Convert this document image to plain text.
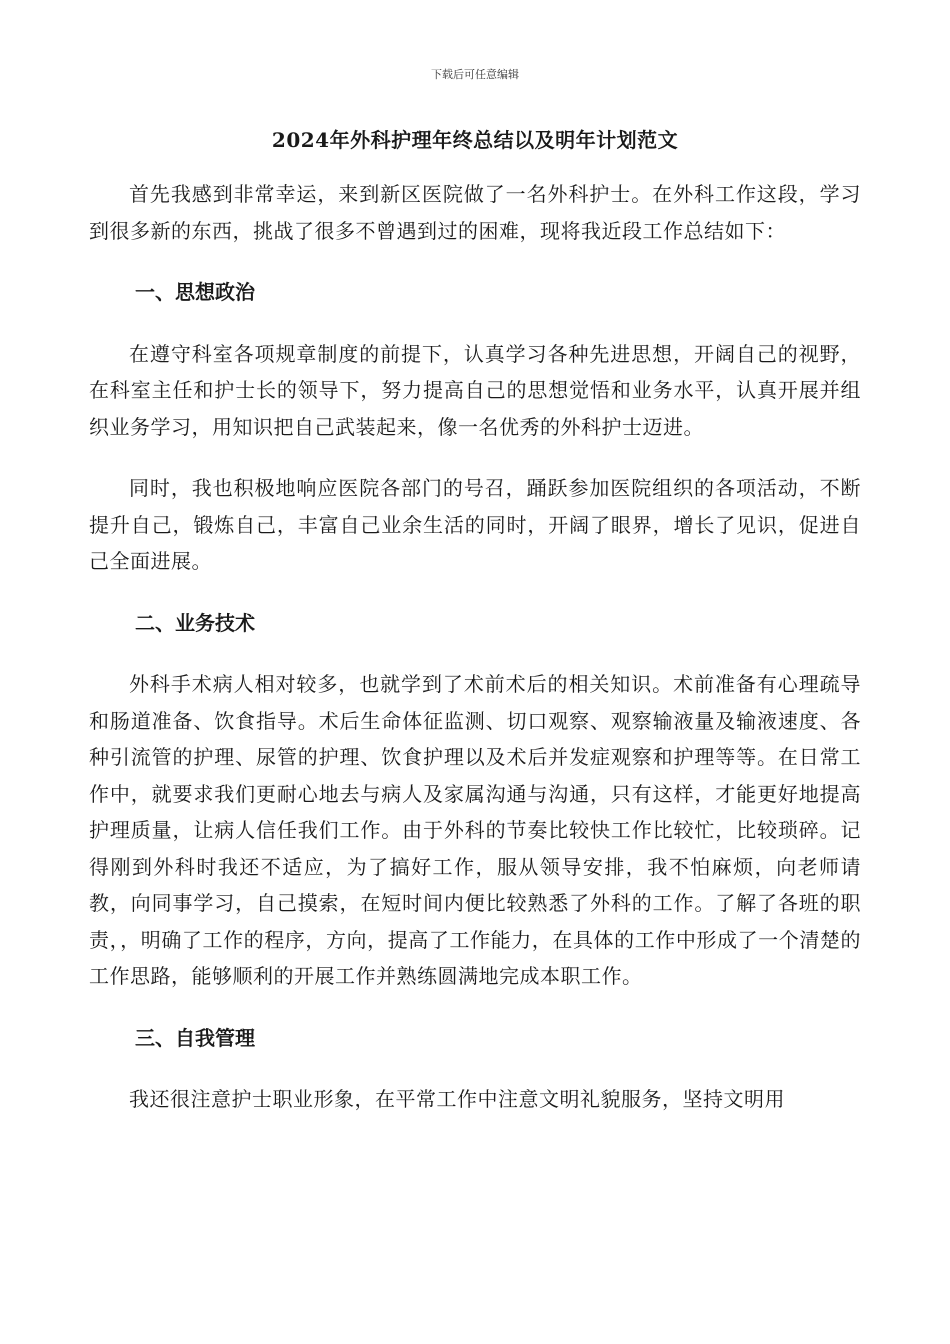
下载后可任意编辑
2024年外科护理年终总结以及明年计划范文

首先我感到非常幸运，来到新区医院做了一名外科护士。在外科工作这段，学习到很多新的东西，挑战了很多不曾遇到过的困难，现将我近段工作总结如下：

一、思想政治

在遵守科室各项规章制度的前提下，认真学习各种先进思想，开阔自己的视野，在科室主任和护士长的领导下，努力提高自己的思想觉悟和业务水平，认真开展并组织业务学习，用知识把自己武装起来，像一名优秀的外科护士迈进。

同时，我也积极地响应医院各部门的号召，踊跃参加医院组织的各项活动，不断提升自己，锻炼自己，丰富自己业余生活的同时，开阔了眼界，增长了见识，促进自己全面进展。

二、业务技术

外科手术病人相对较多，也就学到了术前术后的相关知识。术前准备有心理疏导和肠道准备、饮食指导。术后生命体征监测、切口观察、观察输液量及输液速度、各种引流管的护理、尿管的护理、饮食护理以及术后并发症观察和护理等等。在日常工作中，就要求我们更耐心地去与病人及家属沟通与沟通，只有这样，才能更好地提高护理质量，让病人信任我们工作。由于外科的节奏比较快工作比较忙，比较琐碎。记得刚到外科时我还不适应，为了搞好工作，服从领导安排，我不怕麻烦，向老师请教，向同事学习，自己摸索，在短时间内便比较熟悉了外科的工作。了解了各班的职责，，明确了工作的程序，方向，提高了工作能力，在具体的工作中形成了一个清楚的工作思路，能够顺利的开展工作并熟练圆满地完成本职工作。

三、自我管理

我还很注意护士职业形象，在平常工作中注意文明礼貌服务，坚持文明用
